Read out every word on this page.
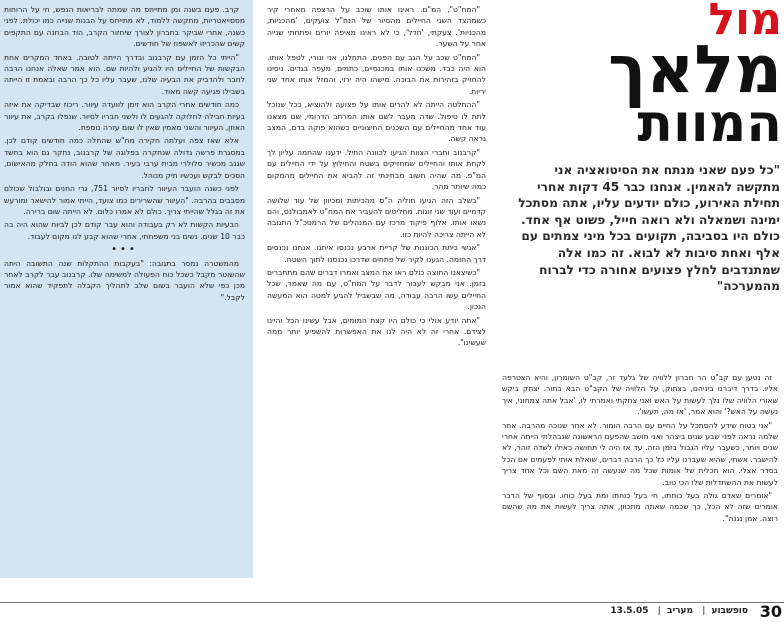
קרב. פעם בשנה ומן מתייחס מה שמתה לבריאות הנפש, חי על הרוחות מססייאטריות, מתקשה ללמוד, לא מתייחס על הבנות שנייה כמו יכולת. לפני כשנה, אחרי שביקר בחברון לצורך שיחזור הקרב, הוד הבחנה עם התקפים קשים שהכריזו לאשפוז של חודשים.

"הייתי כל הזמן עם קרבנוב ובדרך הייתה לטובה. באחד המקרים אחת הבקשות של החיילים היו להגיע ולהיות שם. הוא אמר שאלה אנחנו הרבה לחבר ולהדביק את הבעיה שלנו, שעבר עליו כל כך הרבה ובאמת זו הייתה בשבילו פגיעה קשה מאוד.

כמה חודשים אחרי הקרב הוא זימן לוועדה עיוור. ריכוז שבדיקה את איזה בעיות חבילה לחלוקה להגעים לו ולשני חבריו לסיור. שנפלו בקרב, את עיוור האוזן, העיוור והשני מאמין שאין לו שום עזרה נוספת.

אלא שאז צפה ועלתה חקירה מח"ש שהחלה כמה חודשים קודם לכן. במסגרת פרשה גדולה שנחקרה בפלוגה של קרבנוב, נחקר גם הוא בחשד שגנב מכשיר סלולרי מבית ערבי בעיר. מאחר שהוא הודה בחלק מהאישום, הסכים לבקש ועכשיו תיק מנוהל.

לפני כשנה הועבר העיוור לחבריו לסיור 751, גרי החנים ובולבול שכולם מסבבים בהרבה. "העיוור שהשרירים כמו צועד, הייתי אמור להישאר ומורעש את זה בגלל שהייתי צריך. כולם לא אמרו כלום. לא הייתה שום ברירה.

הבעיות הקשות לא רק בעבודה והוא עבר קודם לכן לביוח שהוא היה בה כבר 10 שנים. נשים בני משפחתי, אחרי שהוא קבע לנו מקום לעבוד.

•••

מהמשטרה נמסר בתגובה: "בעקבות ההתקלות שנה התשובה היתה שהשוטר מקבל כשכל כוח הפעולה למשימה שלו. קרבנוב עבר לקרב לאחר מכן כפי שלא הועבר בשום שלב לתהליך הקבלה לתפקיד שהוא אמור לקבל."

"המח"ט", המ"ם. ראינו אותו שוכב על הרצפה מאחרי קיר כשמהצד השני החיילים מהסיור של הנח"ל צועקים, 'מהכניות, מהכניות'. צעקתי, 'חדל', כי לא ראינו מאיפה יורים ופתחתי שנייה אחר על השער.

"המח"ט שכב על הגב עם הפנים. התחלנו, אני ונורי, לטפל אותו. הוא היה כבד. משכנו אותו במכנסיים, כתמים, מעפר בגדים. ניסינו להחזיק בזהירות את הבוכה. מישהו היה ירוי, והמזל אותו אחד שני יריות.

"ההחלטה הייתה לא להרים אותו על פצועה ולהוציא, ככל שנוכל לתת לו טיפול. שדה מעבר לשם אותו המרחב הדרומי, שם מצאנו עוד אחד מהחיילים עם השכנים החיצוניים כשהוא פוקה בדם, המצב נראה קשה.

"קרבנוב וחברי הצוות הגיעו לכוונה החיל. ידענו שהחמה עליון לך לקחת אותו והחיילים שמחזיקים בשטח והחילוץ על ידי החיילים עם המ"פ. מה שהיה חשוב מבחינתי זה להביא את החיילים מהמקום כמה שיותר מהר.

"בשלב הזה הגיעו חוליה ה"ס מהכיתות ומכיוון של עוד שלושה קדמיים ועוד שני זוגות. מחליטים להעביר את המח"ט לאמבולנס, והם נשאו אותו. אלוף פיקוד מרכז עם המנהלים של הרמטכ"ל התגובה לא הייתה צריכה להיות כזו.

"אנשי כיתת הכוננות של קריית ארבע נכנסו איתנו. אנחנו נכנסים דרך החומה. הגענו לקיר של פתחים שדרכו נכנסנו לתוך השטח.

"כשיצאנו החוצה כולם ראו את המצב ואמרו דברים שהם מתחברים בזמן. אני מבקש לעבור לדבר על המח"ט, עם מה שאמר, שכל החיילים עשו הרבה עבודה, מה שבשביל להגיע למטה הוא המעשה הנכון.

"אתה יודע אולי כי כולם היו קצת המומים, אבל עשינו הכל והיינו לצידם. אחרי זה לא היה לנו את האפשרות להשפיע יותר ממה שעשינו".

מול
מלאך
המוות
"כל פעם שאני מנתח את הסיטואציה אני מתקשה להאמין. אנחנו כבר 45 דקות אחרי תחילת האירוע, כולם יודעים עליו, אתה מסתכל ימינה ושמאלה ולא רואה חייל, פשוט אף אחד. כולם היו בסביבה, תקועים בכל מיני צמתים עם אלף ואחת סיבות לא לבוא. זה כמו אלה שמתנדבים לחלץ פצועים אחורה כדי לברוח מהמערכה"

זה נטען עם קב"ט הר חברון ללוויה של גלעד זר, קב"ט השומרון, והיא הצטרפה אליו. בדרך דיברנו ביניהם, בצחוק, על הלוויה של הקב"ט הבא בתור. יצחק ביקש שאורי הלוויה שלו נלך לעשות על האש ואני צחקתי ואמרתי לו, 'אבל אתה צמחוני, איך נעשה על האש?' והוא אמר, 'אז מה, תעשו'.

"אני בטוח שידע להסתכל על החיים עם הרבה הומור. לא אחר שנוכה מהרבה. אחר שלמה נראה לפני שבע שנים ביצהר ואני חושב שהפעם הראשונה שנבהלתי הייתה אחרי שנים ויותר, כשעבר עליו הגבול בזמן הזה. עד אז היה לי תחושה כאילו לשדה זוהר, לא להישבר. אשתי, שהיא שעברנו עליו כל כך הרבה דברים, שואלת אותי לפעמים אם הכל בסדר אצלי. הוא תכלית של אומות שכל מה שנעשה זה מאת השם וכל אחד צריך לעשות את ההשתדלות שלו הכי טוב.

"אומרים שאדם גולה בעל כוחתו, חי בעל כוחתו ומת בעל כוחו. ובסוף של הדבר אומרים שזה לא הכל, כך שכמה שאתה מתכוון, אתה צריך לעשות את מה שהשם רוצה. אמן נגנה".

30
סופשבוע| מעריב| 13.5.05
